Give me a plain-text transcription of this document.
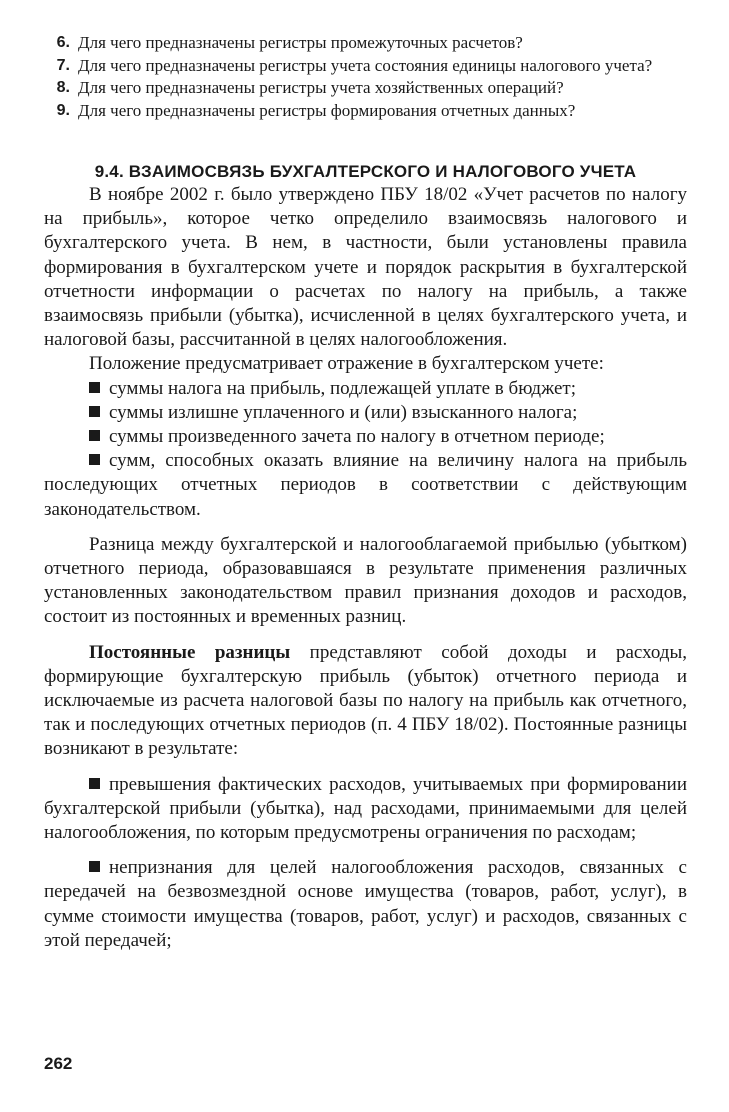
6. Для чего предназначены регистры промежуточных расчетов?
7. Для чего предназначены регистры учета состояния единицы налогового учета?
8. Для чего предназначены регистры учета хозяйственных операций?
9. Для чего предназначены регистры формирования отчетных данных?
9.4. ВЗАИМОСВЯЗЬ БУХГАЛТЕРСКОГО И НАЛОГОВОГО УЧЕТА

В ноябре 2002 г. было утверждено ПБУ 18/02 «Учет расчетов по налогу на прибыль», которое четко определило взаимосвязь налогового и бухгалтерского учета. В нем, в частности, были установлены правила формирования в бухгалтерском учете и порядок раскрытия в бухгалтерской отчетности информации о расчетах по налогу на прибыль, а также взаимосвязь прибыли (убытка), исчисленной в целях бухгалтерского учета, и налоговой базы, рассчитанной в целях налогообложения.

Положение предусматривает отражение в бухгалтерском учете:

суммы налога на прибыль, подлежащей уплате в бюджет;

суммы излишне уплаченного и (или) взысканного налога;

суммы произведенного зачета по налогу в отчетном периоде;

сумм, способных оказать влияние на величину налога на прибыль последующих отчетных периодов в соответствии с действующим законодательством.

Разница между бухгалтерской и налогооблагаемой прибылью (убытком) отчетного периода, образовавшаяся в результате применения различных установленных законодательством правил признания доходов и расходов, состоит из постоянных и временных разниц.

Постоянные разницы представляют собой доходы и расходы, формирующие бухгалтерскую прибыль (убыток) отчетного периода и исключаемые из расчета налоговой базы по налогу на прибыль как отчетного, так и последующих отчетных периодов (п. 4 ПБУ 18/02). Постоянные разницы возникают в результате:

превышения фактических расходов, учитываемых при формировании бухгалтерской прибыли (убытка), над расходами, принимаемыми для целей налогообложения, по которым предусмотрены ограничения по расходам;

непризнания для целей налогообложения расходов, связанных с передачей на безвозмездной основе имущества (товаров, работ, услуг), в сумме стоимости имущества (товаров, работ, услуг) и расходов, связанных с этой передачей;

262
